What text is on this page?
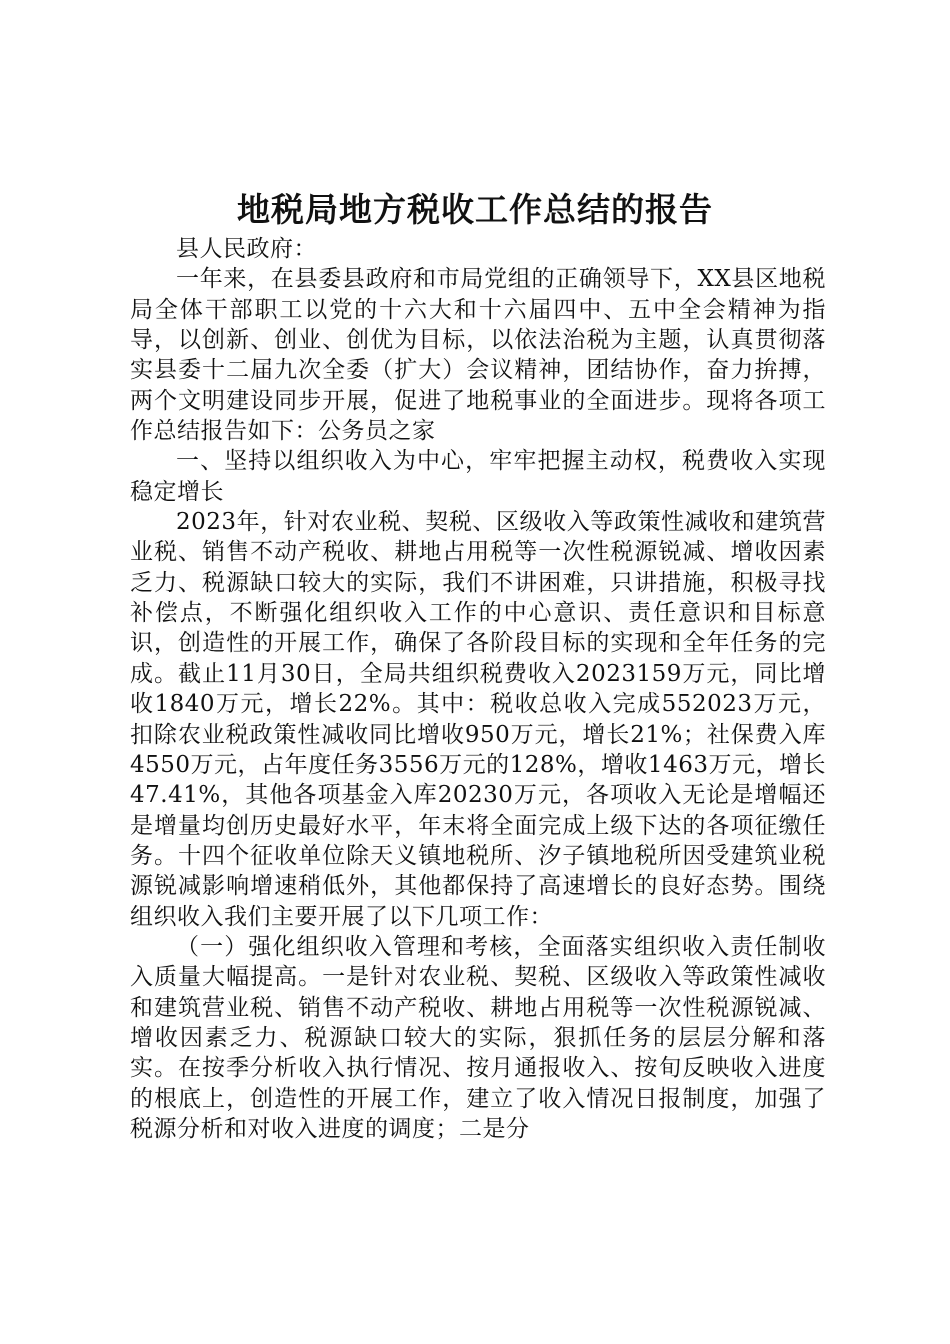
地税局地方税收工作总结的报告

县人民政府：

一年来，在县委县政府和市局党组的正确领导下，XX县区地税局全体干部职工以党的十六大和十六届四中、五中全会精神为指导，以创新、创业、创优为目标，以依法治税为主题，认真贯彻落实县委十二届九次全委（扩大）会议精神，团结协作，奋力拚搏，两个文明建设同步开展，促进了地税事业的全面进步。现将各项工作总结报告如下：公务员之家

一、坚持以组织收入为中心，牢牢把握主动权，税费收入实现稳定增长

2023年，针对农业税、契税、区级收入等政策性减收和建筑营业税、销售不动产税收、耕地占用税等一次性税源锐减、增收因素乏力、税源缺口较大的实际，我们不讲困难，只讲措施，积极寻找补偿点，不断强化组织收入工作的中心意识、责任意识和目标意识，创造性的开展工作，确保了各阶段目标的实现和全年任务的完成。截止11月30日，全局共组织税费收入2023159万元，同比增收1840万元，增长22%。其中：税收总收入完成552023万元，扣除农业税政策性减收同比增收950万元，增长21%；社保费入库4550万元，占年度任务3556万元的128%，增收1463万元，增长47.41%，其他各项基金入库20230万元，各项收入无论是增幅还是增量均创历史最好水平，年末将全面完成上级下达的各项征缴任务。十四个征收单位除天义镇地税所、汐子镇地税所因受建筑业税源锐减影响增速稍低外，其他都保持了高速增长的良好态势。围绕组织收入我们主要开展了以下几项工作：

（一）强化组织收入管理和考核，全面落实组织收入责任制收入质量大幅提高。一是针对农业税、契税、区级收入等政策性减收和建筑营业税、销售不动产税收、耕地占用税等一次性税源锐减、增收因素乏力、税源缺口较大的实际，狠抓任务的层层分解和落实。在按季分析收入执行情况、按月通报收入、按旬反映收入进度的根底上，创造性的开展工作，建立了收入情况日报制度，加强了税源分析和对收入进度的调度；二是分
